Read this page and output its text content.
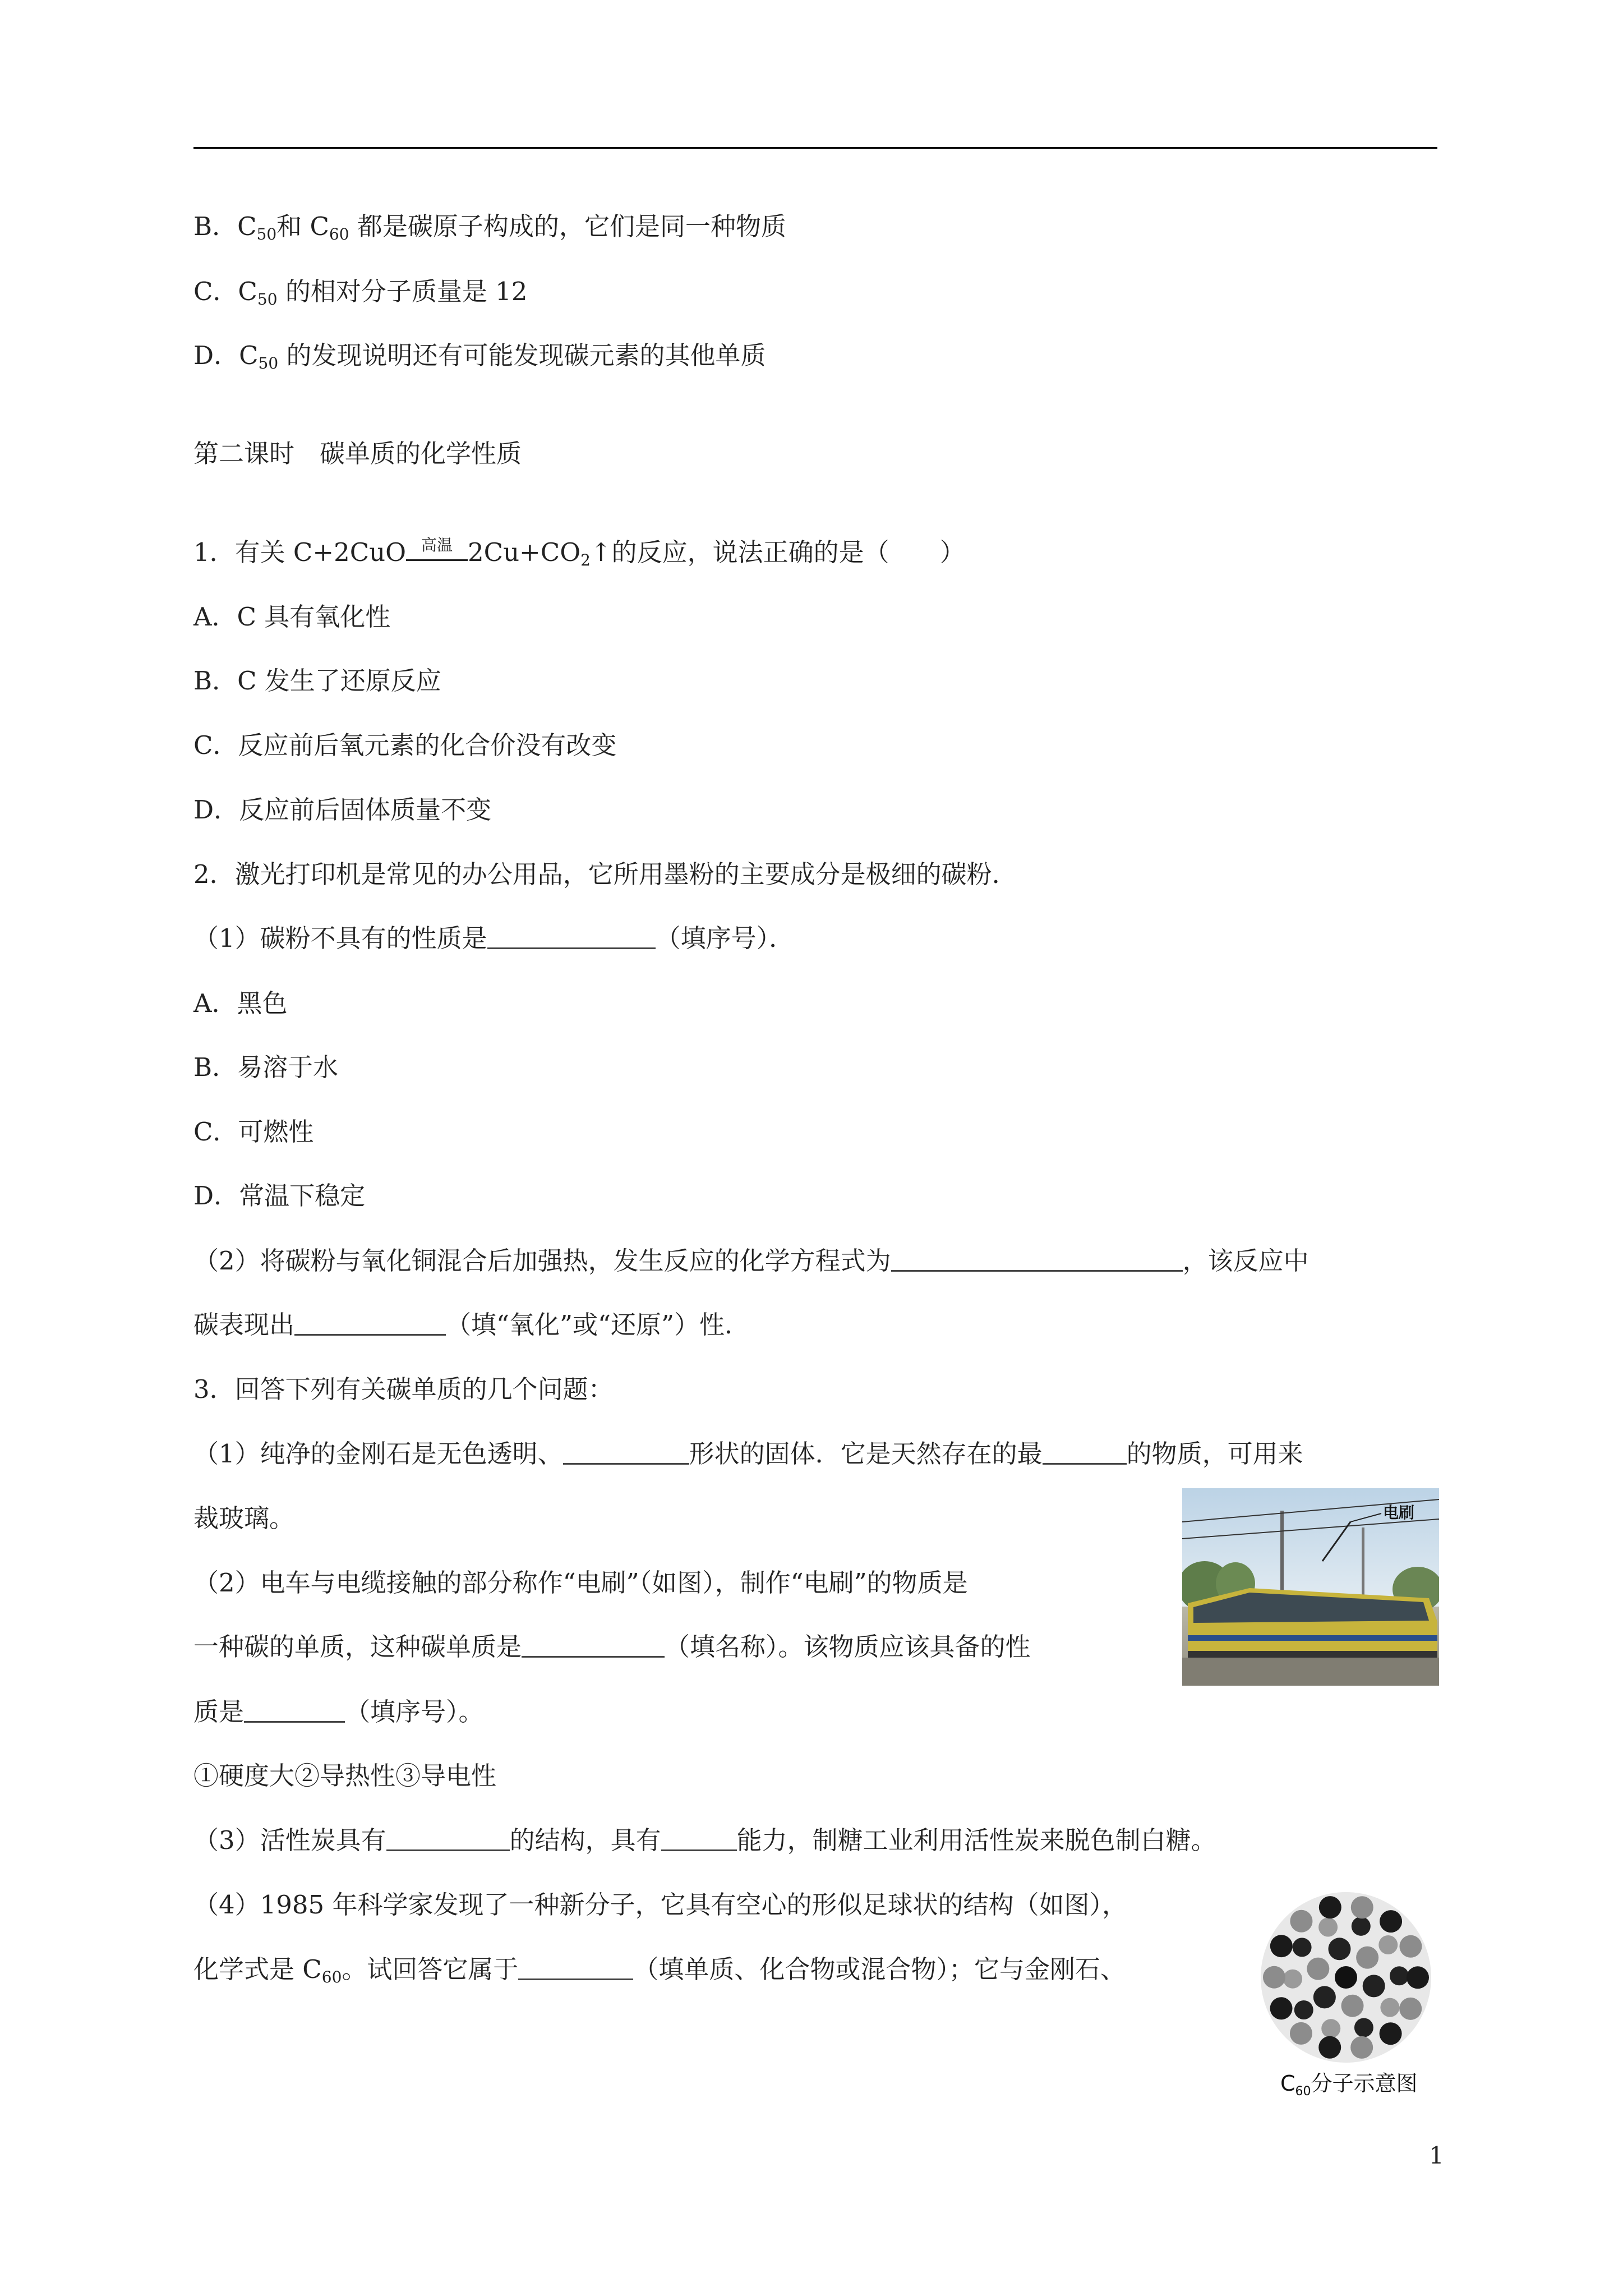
B．$C_{50}$和 $C_{60}$ 都是碳原子构成的，它们是同一种物质
C．$C_{50}$ 的相对分子质量是 12
D．$C_{50}$ 的发现说明还有可能发现碳元素的其他单质
第二课时　碳单质的化学性质
1．有关 C+2CuO 高温 $2Cu+CO_2↑$的反应，说法正确的是（　　）
A．C 具有氧化性
B．C 发生了还原反应
C．反应前后氧元素的化合价没有改变
D．反应前后固体质量不变
2．激光打印机是常见的办公用品，它所用墨粉的主要成分是极细的碳粉．
（1）碳粉不具有的性质是	（填序号）．
A．黑色
B．易溶于水
C．可燃性
D．常温下稳定
（2）将碳粉与氧化铜混合后加强热，发生反应的化学方程式为	，该反应中
碳表现出	（填“氧化”或“还原”）性．
3．回答下列有关碳单质的几个问题：
（1）纯净的金刚石是无色透明、	形状的固体．它是天然存在的最	的物质，可用来
裁玻璃。
（2）电车与电缆接触的部分称作“电刷”（如图），制作“电刷”的物质是
一种碳的单质，这种碳单质是	（填名称）。该物质应该具备的性
质是	（填序号）。
①硬度大②导热性③导电性
（3）活性炭具有	的结构，具有	能力，制糖工业利用活性炭来脱色制白糖。
（4）1985 年科学家发现了一种新分子，它具有空心的形似足球状的结构（如图），
化学式是 $C_{60}$。试回答它属于	（填单质、化合物或混合物）；它与金刚石、
电刷
$C_{60}$分子示意图
1
